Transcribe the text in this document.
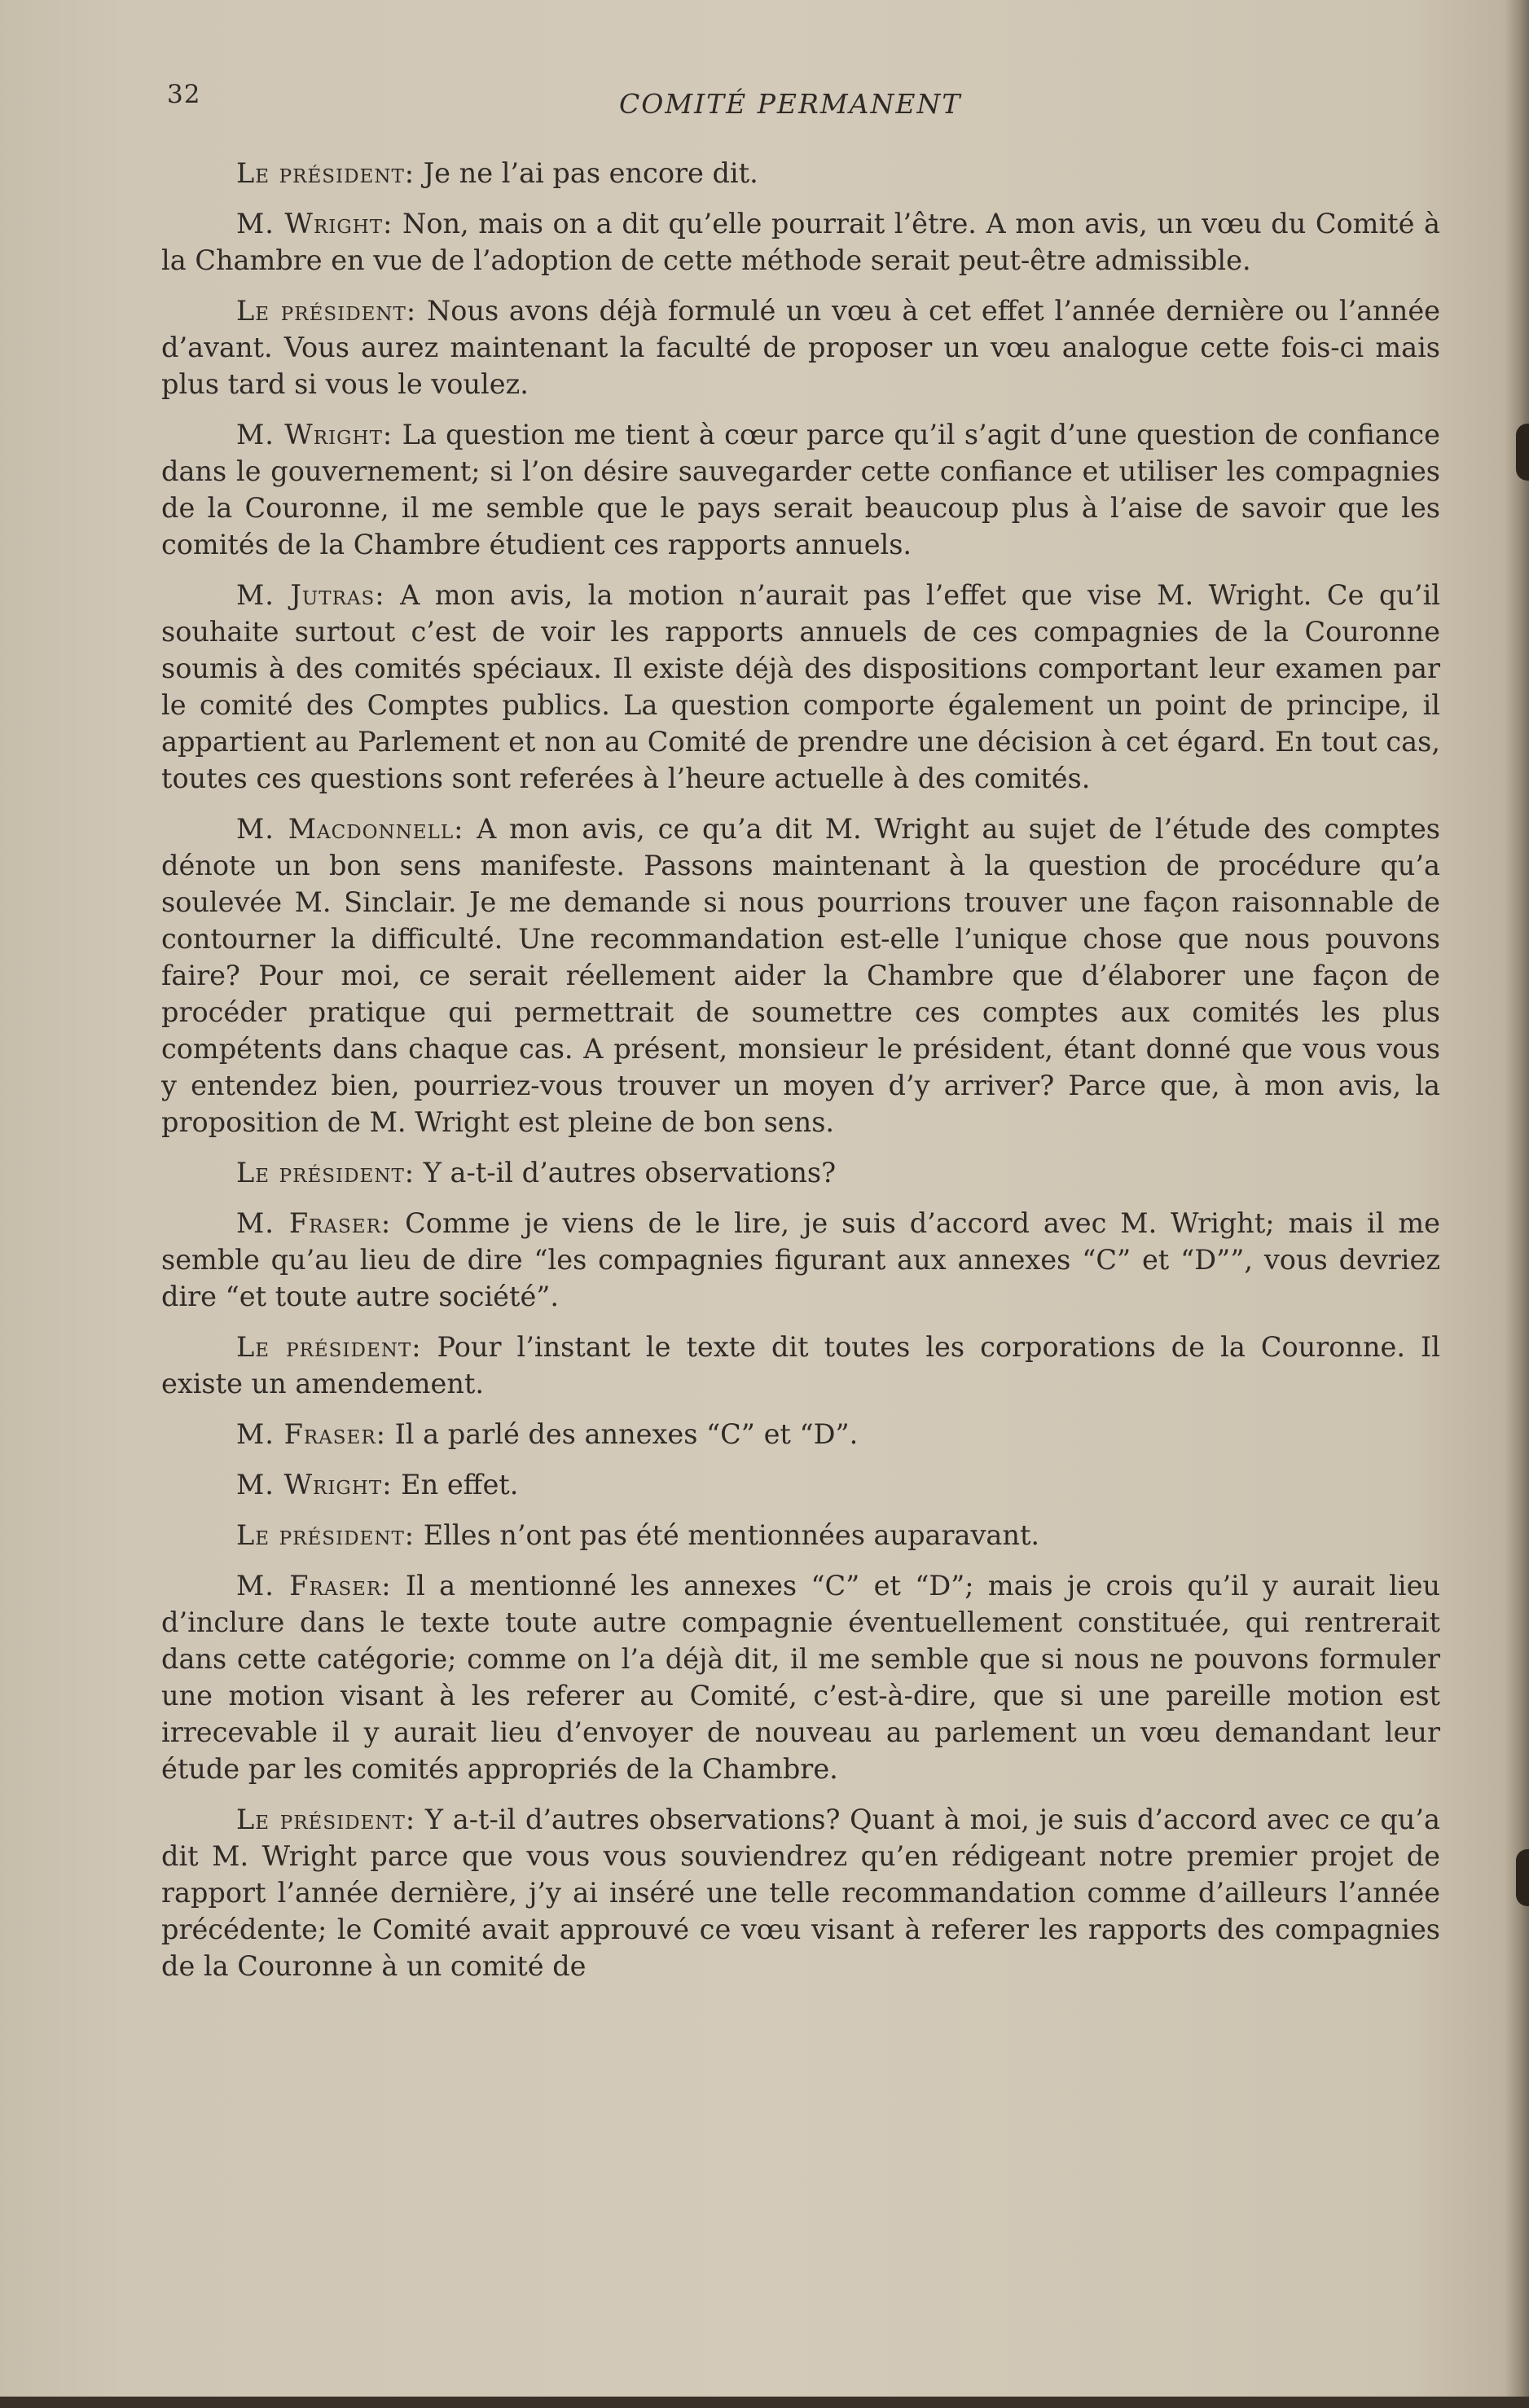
32	COMITÉ PERMANENT

Le président: Je ne l’ai pas encore dit.

M. Wright: Non, mais on a dit qu’elle pourrait l’être. A mon avis, un vœu du Comité à la Chambre en vue de l’adoption de cette méthode serait peut-être admissible.

Le président: Nous avons déjà formulé un vœu à cet effet l’année dernière ou l’année d’avant. Vous aurez maintenant la faculté de proposer un vœu analogue cette fois-ci mais plus tard si vous le voulez.

M. Wright: La question me tient à cœur parce qu’il s’agit d’une question de confiance dans le gouvernement; si l’on désire sauvegarder cette confiance et utiliser les compagnies de la Couronne, il me semble que le pays serait beaucoup plus à l’aise de savoir que les comités de la Chambre étudient ces rapports annuels.

M. Jutras: A mon avis, la motion n’aurait pas l’effet que vise M. Wright. Ce qu’il souhaite surtout c’est de voir les rapports annuels de ces compagnies de la Couronne soumis à des comités spéciaux. Il existe déjà des dispositions comportant leur examen par le comité des Comptes publics. La question comporte également un point de principe, il appartient au Parlement et non au Comité de prendre une décision à cet égard. En tout cas, toutes ces questions sont referées à l’heure actuelle à des comités.

M. Macdonnell: A mon avis, ce qu’a dit M. Wright au sujet de l’étude des comptes dénote un bon sens manifeste. Passons maintenant à la question de procédure qu’a soulevée M. Sinclair. Je me demande si nous pourrions trouver une façon raisonnable de contourner la difficulté. Une recommandation est-elle l’unique chose que nous pouvons faire? Pour moi, ce serait réellement aider la Chambre que d’élaborer une façon de procéder pratique qui permettrait de soumettre ces comptes aux comités les plus compétents dans chaque cas. A présent, monsieur le président, étant donné que vous vous y entendez bien, pourriez-vous trouver un moyen d’y arriver? Parce que, à mon avis, la proposition de M. Wright est pleine de bon sens.

Le président: Y a-t-il d’autres observations?

M. Fraser: Comme je viens de le lire, je suis d’accord avec M. Wright; mais il me semble qu’au lieu de dire “les compagnies figurant aux annexes “C” et “D””, vous devriez dire “et toute autre société”.

Le président: Pour l’instant le texte dit toutes les corporations de la Couronne. Il existe un amendement.

M. Fraser: Il a parlé des annexes “C” et “D”.

M. Wright: En effet.

Le président: Elles n’ont pas été mentionnées auparavant.

M. Fraser: Il a mentionné les annexes “C” et “D”; mais je crois qu’il y aurait lieu d’inclure dans le texte toute autre compagnie éventuellement constituée, qui rentrerait dans cette catégorie; comme on l’a déjà dit, il me semble que si nous ne pouvons formuler une motion visant à les referer au Comité, c’est-à-dire, que si une pareille motion est irrecevable il y aurait lieu d’envoyer de nouveau au parlement un vœu demandant leur étude par les comités appropriés de la Chambre.

Le président: Y a-t-il d’autres observations? Quant à moi, je suis d’accord avec ce qu’a dit M. Wright parce que vous vous souviendrez qu’en rédigeant notre premier projet de rapport l’année dernière, j’y ai inséré une telle recommandation comme d’ailleurs l’année précédente; le Comité avait approuvé ce vœu visant à referer les rapports des compagnies de la Couronne à un comité de
